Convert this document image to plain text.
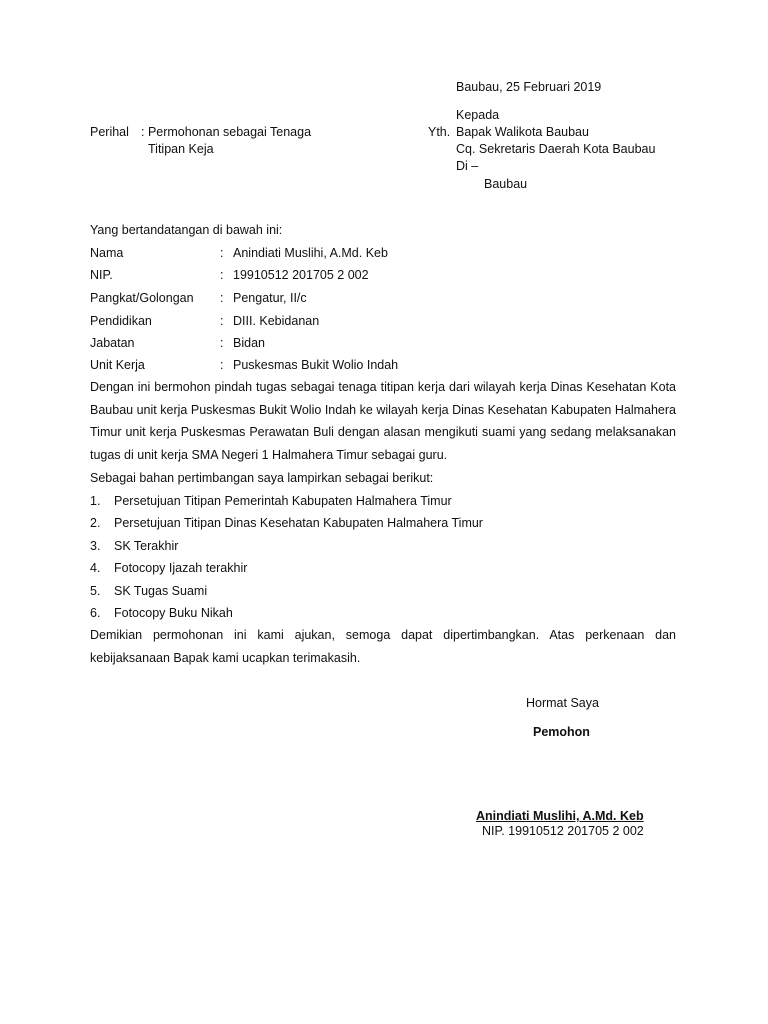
Baubau, 25 Februari 2019
Kepada
Yth. Bapak Walikota Baubau
Cq. Sekretaris Daerah Kota Baubau
Di –
Baubau
Perihal : Permohonan sebagai Tenaga
Titipan Keja
Yang bertandatangan di bawah ini:
Nama	: Anindiati Muslihi, A.Md. Keb
NIP.	: 19910512 201705 2 002
Pangkat/Golongan : Pengatur, II/c
Pendidikan	: DIII. Kebidanan
Jabatan	: Bidan
Unit Kerja	: Puskesmas Bukit Wolio Indah

Dengan ini bermohon pindah tugas sebagai tenaga titipan kerja dari wilayah kerja Dinas Kesehatan Kota Baubau unit kerja Puskesmas Bukit Wolio Indah ke wilayah kerja Dinas Kesehatan Kabupaten Halmahera Timur unit kerja Puskesmas Perawatan Buli dengan alasan mengikuti suami yang sedang melaksanakan tugas di unit kerja SMA Negeri 1 Halmahera Timur sebagai guru.

Sebagai bahan pertimbangan saya lampirkan sebagai berikut:
1. Persetujuan Titipan Pemerintah Kabupaten Halmahera Timur
2. Persetujuan Titipan Dinas Kesehatan Kabupaten Halmahera Timur
3. SK Terakhir
4. Fotocopy Ijazah terakhir
5. SK Tugas Suami
6. Fotocopy Buku Nikah

Demikian permohonan ini kami ajukan, semoga dapat dipertimbangkan. Atas perkenaan dan kebijaksanaan Bapak kami ucapkan terimakasih.

Hormat Saya
Pemohon
Anindiati Muslihi, A.Md. Keb
NIP. 19910512 201705 2 002
